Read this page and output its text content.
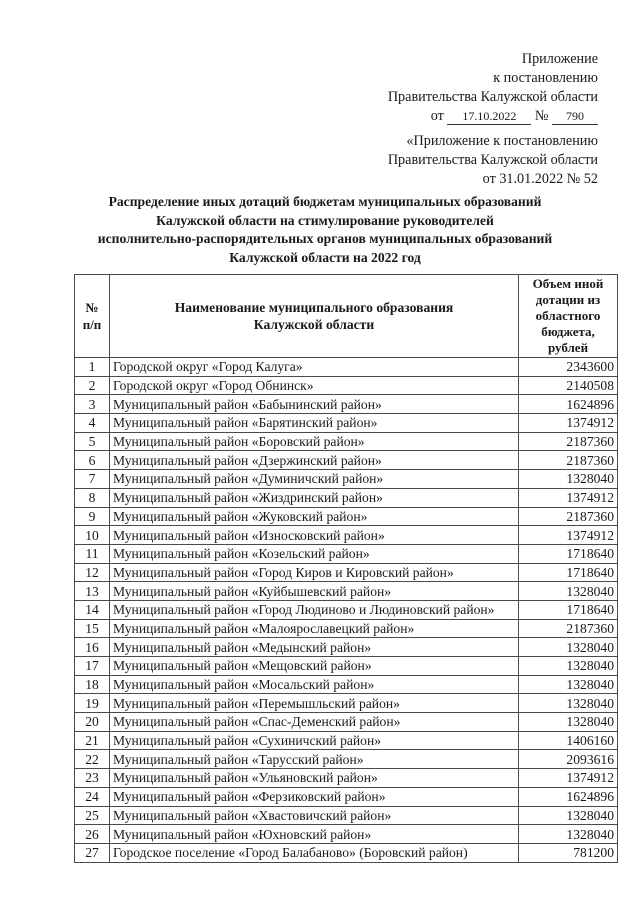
Приложение
к постановлению
Правительства Калужской области
от 17.10.2022 № 790
«Приложение к постановлению
Правительства Калужской области
от 31.01.2022 № 52
Распределение иных дотаций бюджетам муниципальных образований
Калужской области на стимулирование руководителей
исполнительно-распорядительных органов муниципальных образований
Калужской области на 2022 год
№
п/п

Наименование муниципального образования
Калужской области

Объем иной
дотации из
областного
бюджета,
рублей

1	Городской округ «Город Калуга»	2343600
2	Городской округ «Город Обнинск»	2140508
3	Муниципальный район «Бабынинский район»	1624896
4	Муниципальный район «Барятинский район»	1374912
5	Муниципальный район «Боровский район»	2187360
6	Муниципальный район «Дзержинский район»	2187360
7	Муниципальный район «Думиничский район»	1328040
8	Муниципальный район «Жиздринский район»	1374912
9	Муниципальный район «Жуковский район»	2187360
10	Муниципальный район «Износковский район»	1374912
11	Муниципальный район «Козельский район»	1718640
12	Муниципальный район «Город Киров и Кировский район»	1718640
13	Муниципальный район «Куйбышевский район»	1328040
14	Муниципальный район «Город Людиново и Людиновский район»	1718640
15	Муниципальный район «Малоярославецкий район»	2187360
16	Муниципальный район «Медынский район»	1328040
17	Муниципальный район «Мещовский район»	1328040
18	Муниципальный район «Мосальский район»	1328040
19	Муниципальный район «Перемышльский район»	1328040
20	Муниципальный район «Спас-Деменский район»	1328040
21	Муниципальный район «Сухиничский район»	1406160
22	Муниципальный район «Тарусский район»	2093616
23	Муниципальный район «Ульяновский район»	1374912
24	Муниципальный район «Ферзиковский район»	1624896
25	Муниципальный район «Хвастовичский район»	1328040
26	Муниципальный район «Юхновский район»	1328040
27	Городское поселение «Город Балабаново» (Боровский район)	781200
